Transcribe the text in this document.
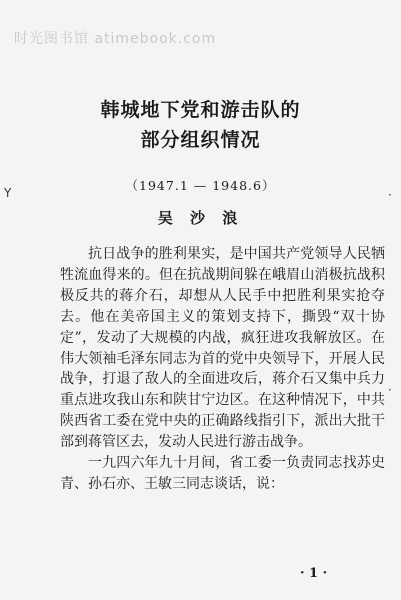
时光图书馆 atimebook.com
Y	·
·
韩城地下党和游击队的
部分组织情况
（1947.1 — 1948.6）
吴 沙 浪

抗日战争的胜利果实，是中国共产党领导人民牺牲流血得来的。但在抗战期间躲在峨眉山消极抗战积极反共的蒋介石，却想从人民手中把胜利果实抢夺去。他在美帝国主义的策划支持下，撕毁“双十协定”，发动了大规模的内战，疯狂进攻我解放区。在伟大领袖毛泽东同志为首的党中央领导下，开展人民战争，打退了敌人的全面进攻后，蒋介石又集中兵力重点进攻我山东和陕甘宁边区。在这种情况下，中共陕西省工委在党中央的正确路线指引下，派出大批干部到蒋管区去，发动人民进行游击战争。

一九四六年九十月间，省工委一负责同志找苏史青、孙石亦、王敏三同志谈话，说：

· 1 ·
